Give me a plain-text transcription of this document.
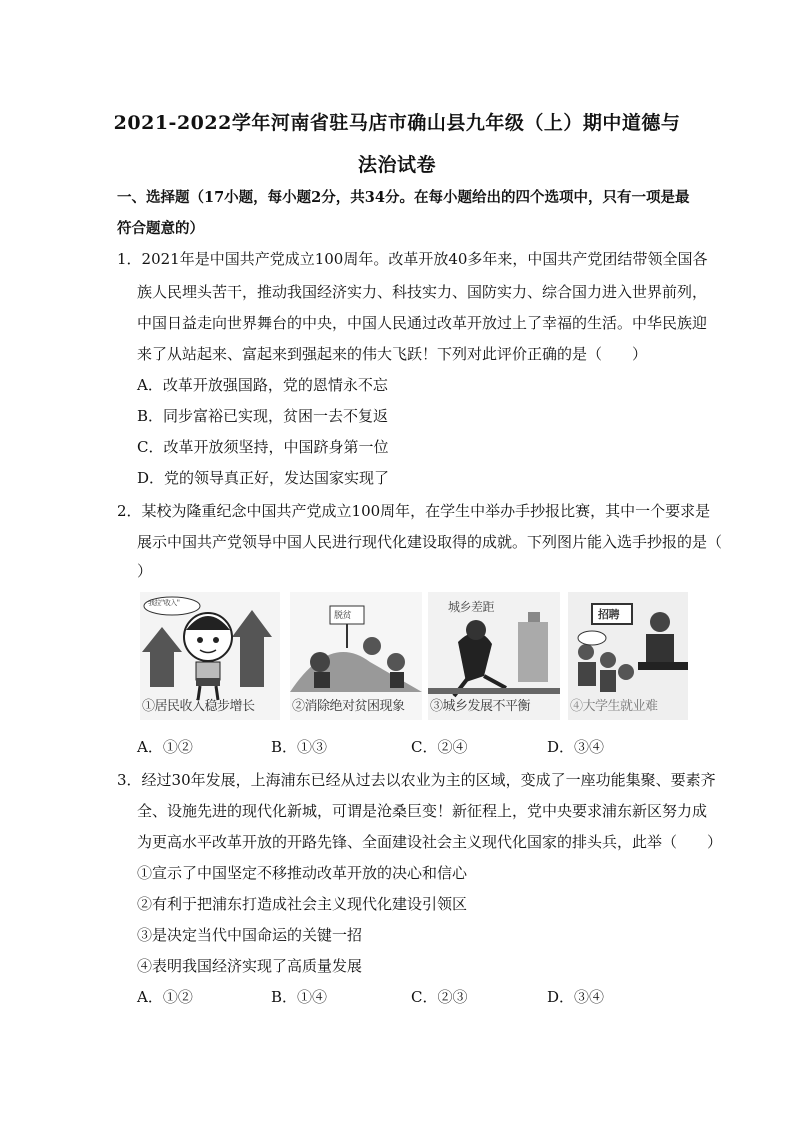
2021-2022学年河南省驻马店市确山县九年级（上）期中道德与
法治试卷
一、选择题（17小题，每小题2分，共34分。在每小题给出的四个选项中，只有一项是最
符合题意的）
1．2021年是中国共产党成立100周年。改革开放40多年来，中国共产党团结带领全国各
族人民埋头苦干，推动我国经济实力、科技实力、国防实力、综合国力进入世界前列，
中国日益走向世界舞台的中央，中国人民通过改革开放过上了幸福的生活。中华民族迎
来了从站起来、富起来到强起来的伟大飞跃！下列对此评价正确的是（　　）
A．改革开放强国路，党的恩情永不忘
B．同步富裕已实现，贫困一去不复返
C．改革开放须坚持，中国跻身第一位
D．党的领导真正好，发达国家实现了
2．某校为隆重纪念中国共产党成立100周年，在学生中举办手抄报比赛，其中一个要求是
展示中国共产党领导中国人民进行现代化建设取得的成就。下列图片能入选手抄报的是（
）
我拉"收入"
①居民收入稳步增长
脱贫
②消除绝对贫困现象
城乡差距
③城乡发展不平衡
招聘
④大学生就业难
A．①②	B．①③	C．②④	D．③④
3．经过30年发展，上海浦东已经从过去以农业为主的区域，变成了一座功能集聚、要素齐
全、设施先进的现代化新城，可谓是沧桑巨变！新征程上，党中央要求浦东新区努力成
为更高水平改革开放的开路先锋、全面建设社会主义现代化国家的排头兵，此举（　　）
①宣示了中国坚定不移推动改革开放的决心和信心
②有利于把浦东打造成社会主义现代化建设引领区
③是决定当代中国命运的关键一招
④表明我国经济实现了高质量发展
A．①②	B．①④	C．②③	D．③④
